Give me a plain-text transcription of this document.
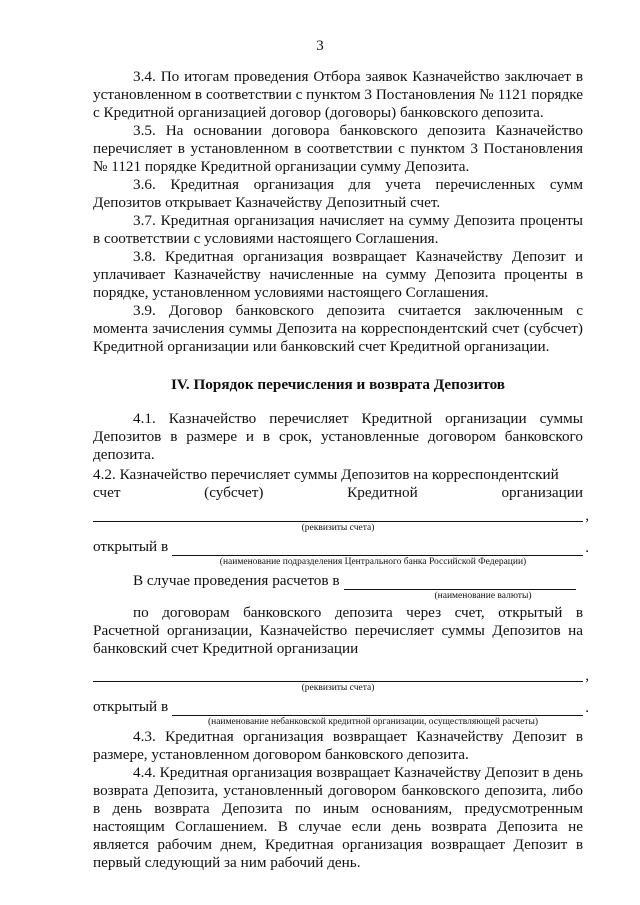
3

3.4. По итогам проведения Отбора заявок Казначейство заключает в установленном в соответствии с пунктом 3 Постановления № 1121 порядке с Кредитной организацией договор (договоры) банковского депозита.

3.5. На основании договора банковского депозита Казначейство перечисляет в установленном в соответствии с пунктом 3 Постановления № 1121 порядке Кредитной организации сумму Депозита.

3.6. Кредитная организация для учета перечисленных сумм Депозитов открывает Казначейству Депозитный счет.

3.7. Кредитная организация начисляет на сумму Депозита проценты в соответствии с условиями настоящего Соглашения.

3.8. Кредитная организация возвращает Казначейству Депозит и уплачивает Казначейству начисленные на сумму Депозита проценты в порядке, установленном условиями настоящего Соглашения.

3.9. Договор банковского депозита считается заключенным с момента зачисления суммы Депозита на корреспондентский счет (субсчет) Кредитной организации или банковский счет Кредитной организации.

IV. Порядок перечисления и возврата Депозитов

4.1. Казначейство перечисляет Кредитной организации суммы Депозитов в размере и в срок, установленные договором банковского депозита.

4.2. Казначейство перечисляет суммы Депозитов на корреспондентский

счет (субсчет) Кредитной организации

,
(реквизиты счета)
открытый в	.
(наименование подразделения Центрального банка Российской Федерации)
В случае проведения расчетов в
(наименование валюты)

по договорам банковского депозита через счет, открытый в Расчетной организации, Казначейство перечисляет суммы Депозитов на банковский счет Кредитной организации

,
(реквизиты счета)
открытый в	.
(наименование небанковской кредитной организации, осуществляющей расчеты)

4.3. Кредитная организация возвращает Казначейству Депозит в размере, установленном договором банковского депозита.

4.4. Кредитная организация возвращает Казначейству Депозит в день возврата Депозита, установленный договором банковского депозита, либо в день возврата Депозита по иным основаниям, предусмотренным настоящим Соглашением. В случае если день возврата Депозита не является рабочим днем, Кредитная организация возвращает Депозит в первый следующий за ним рабочий день.
